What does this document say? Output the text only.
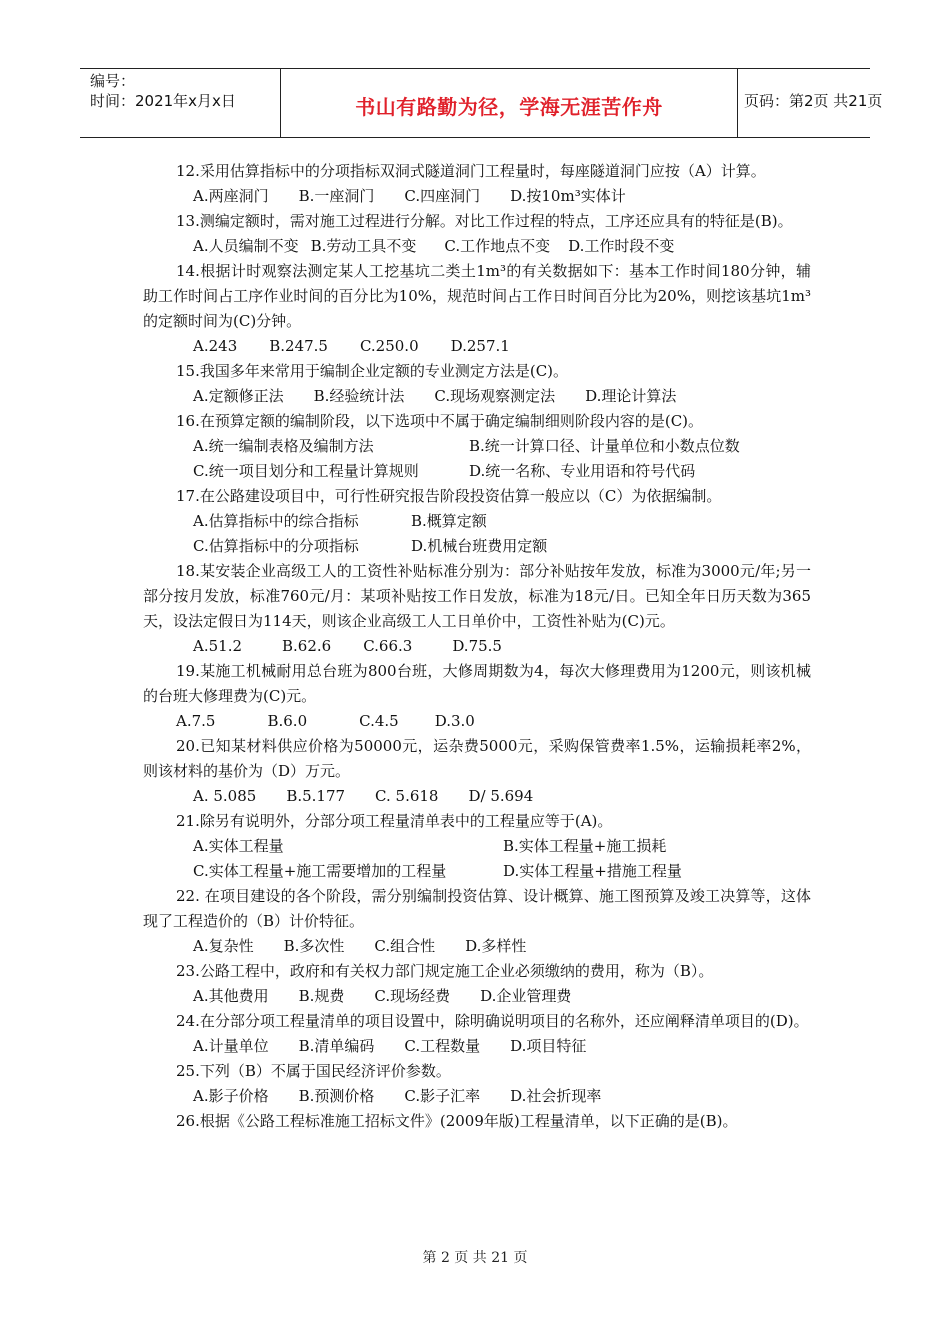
编号：
时间：2021年x月x日	书山有路勤为径，学海无涯苦作舟	页码：第2页 共21页

12.采用估算指标中的分项指标双洞式隧道洞门工程量时，每座隧道洞门应按（A）计算。

A.两座洞门 B.一座洞门 C.四座洞门 D.按10m³实体计

13.测编定额时，需对施工过程进行分解。对比工作过程的特点，工序还应具有的特征是(B)。

A.人员编制不变 B.劳动工具不变 C.工作地点不变 D.工作时段不变

14.根据计时观察法测定某人工挖基坑二类土1m³的有关数据如下：基本工作时间180分钟，辅助工作时间占工序作业时间的百分比为10%，规范时间占工作日时间百分比为20%，则挖该基坑1m³的定额时间为(C)分钟。

A.243 B.247.5 C.250.0 D.257.1

15.我国多年来常用于编制企业定额的专业测定方法是(C)。

A.定额修正法 B.经验统计法 C.现场观察测定法 D.理论计算法

16.在预算定额的编制阶段，以下选项中不属于确定编制细则阶段内容的是(C)。

A.统一编制表格及编制方法	B.统一计算口径、计量单位和小数点位数

C.统一项目划分和工程量计算规则	D.统一名称、专业用语和符号代码

17.在公路建设项目中，可行性研究报告阶段投资估算一般应以（C）为依据编制。

A.估算指标中的综合指标	B.概算定额

C.估算指标中的分项指标	D.机械台班费用定额

18.某安装企业高级工人的工资性补贴标准分别为：部分补贴按年发放，标准为3000元/年;另一部分按月发放，标准760元/月：某项补贴按工作日发放，标准为18元/日。已知全年日历天数为365天，设法定假日为114天，则该企业高级工人工日单价中，工资性补贴为(C)元。

A.51.2	B.62.6 C.66.3	D.75.5

19.某施工机械耐用总台班为800台班，大修周期数为4，每次大修理费用为1200元，则该机械的台班大修理费为(C)元。

A.7.5	B.6.0	C.4.5 D.3.0

20.已知某材料供应价格为50000元，运杂费5000元，采购保管费率1.5%，运输损耗率2%，则该材料的基价为（D）万元。

A. 5.085 B.5.177 C. 5.618 D/ 5.694

21.除另有说明外，分部分项工程量清单表中的工程量应等于(A)。

A.实体工程量	B.实体工程量+施工损耗

C.实体工程量+施工需要增加的工程量	D.实体工程量+措施工程量

22. 在项目建设的各个阶段，需分别编制投资估算、设计概算、施工图预算及竣工决算等，这体现了工程造价的（B）计价特征。

A.复杂性 B.多次性 C.组合性 D.多样性

23.公路工程中，政府和有关权力部门规定施工企业必须缴纳的费用，称为（B）。

A.其他费用 B.规费 C.现场经费 D.企业管理费

24.在分部分项工程量清单的项目设置中，除明确说明项目的名称外，还应阐释清单项目的(D)。

A.计量单位 B.清单编码 C.工程数量 D.项目特征

25.下列（B）不属于国民经济评价参数。

A.影子价格 B.预测价格 C.影子汇率 D.社会折现率

26.根据《公路工程标准施工招标文件》(2009年版)工程量清单，以下正确的是(B)。

第 2 页 共 21 页
